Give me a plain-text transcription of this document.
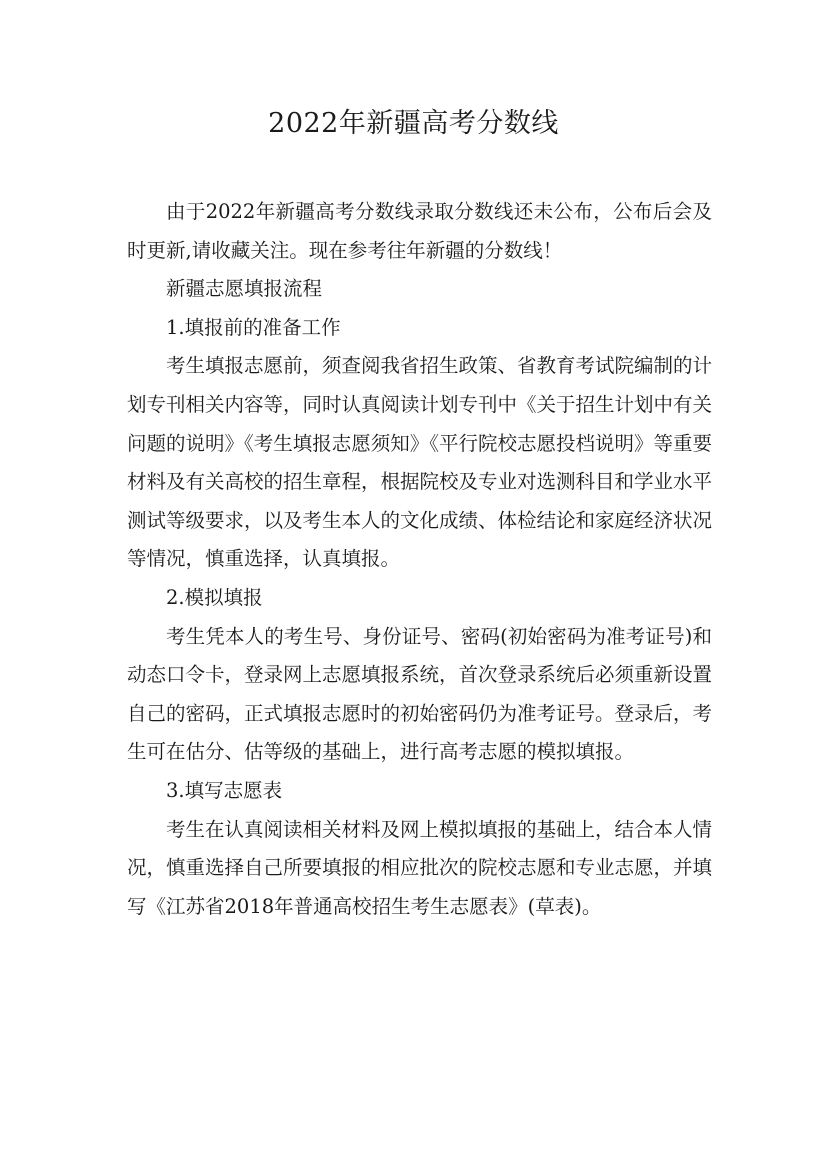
2022年新疆高考分数线

由于2022年新疆高考分数线录取分数线还未公布，公布后会及时更新,请收藏关注。现在参考往年新疆的分数线！

新疆志愿填报流程

1.填报前的准备工作

考生填报志愿前，须查阅我省招生政策、省教育考试院编制的计划专刊相关内容等，同时认真阅读计划专刊中《关于招生计划中有关问题的说明》《考生填报志愿须知》《平行院校志愿投档说明》等重要材料及有关高校的招生章程，根据院校及专业对选测科目和学业水平测试等级要求，以及考生本人的文化成绩、体检结论和家庭经济状况等情况，慎重选择，认真填报。

2.模拟填报

考生凭本人的考生号、身份证号、密码(初始密码为准考证号)和动态口令卡，登录网上志愿填报系统，首次登录系统后必须重新设置自己的密码，正式填报志愿时的初始密码仍为准考证号。登录后，考生可在估分、估等级的基础上，进行高考志愿的模拟填报。

3.填写志愿表

考生在认真阅读相关材料及网上模拟填报的基础上，结合本人情况，慎重选择自己所要填报的相应批次的院校志愿和专业志愿，并填写《江苏省2018年普通高校招生考生志愿表》(草表)。
